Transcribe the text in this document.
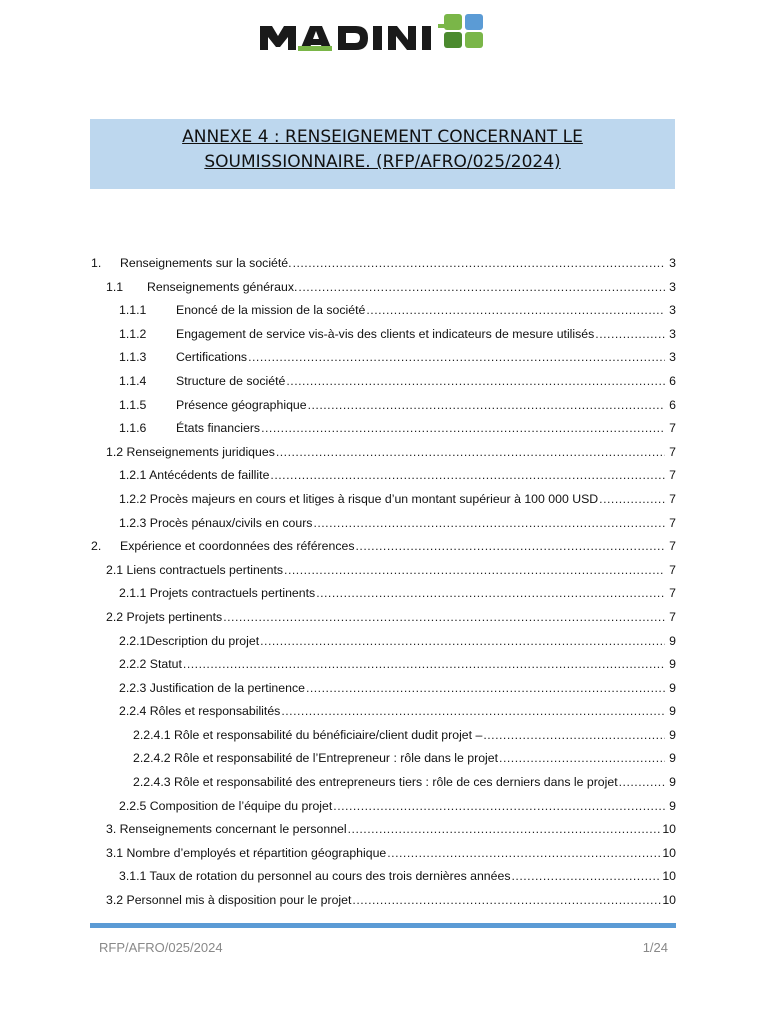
ANNEXE 4 : RENSEIGNEMENT CONCERNANT LE
SOUMISSIONNAIRE. (RFP/AFRO/025/2024)
1.	Renseignements sur la société. .....	3
1.1	Renseignements généraux. .....	3
1.1.1	Enoncé de la mission de la société .....	3
1.1.2	Engagement de service vis-à-vis des clients et indicateurs de mesure utilisés .....	3
1.1.3	Certifications .....	3
1.1.4	Structure de société .....	6
1.1.5	Présence géographique .....	6
1.1.6	États financiers .....	7
1.2 Renseignements juridiques .....	7
1.2.1 Antécédents de faillite .....	7
1.2.2 Procès majeurs en cours et litiges à risque d’un montant supérieur à 100 000 USD .....	7
1.2.3 Procès pénaux/civils en cours .....	7
2.	Expérience et coordonnées des références .....	7
2.1 Liens contractuels pertinents .....	7
2.1.1 Projets contractuels pertinents .....	7
2.2 Projets pertinents .....	7
2.2.1Description du projet .....	9
2.2.2 Statut .....	9
2.2.3 Justification de la pertinence .....	9
2.2.4 Rôles et responsabilités .....	9
2.2.4.1 Rôle et responsabilité du bénéficiaire/client dudit projet – .....	9
2.2.4.2 Rôle et responsabilité de l’Entrepreneur : rôle dans le projet .....	9
2.2.4.3 Rôle et responsabilité des entrepreneurs tiers : rôle de ces derniers dans le projet .....	9
2.2.5 Composition de l’équipe du projet .....	9
3. Renseignements concernant le personnel .....	10
3.1 Nombre d’employés et répartition géographique .....	10
3.1.1 Taux de rotation du personnel au cours des trois dernières années .....	10
3.2 Personnel mis à disposition pour le projet .....	10
RFP/AFRO/025/2024	1/24
